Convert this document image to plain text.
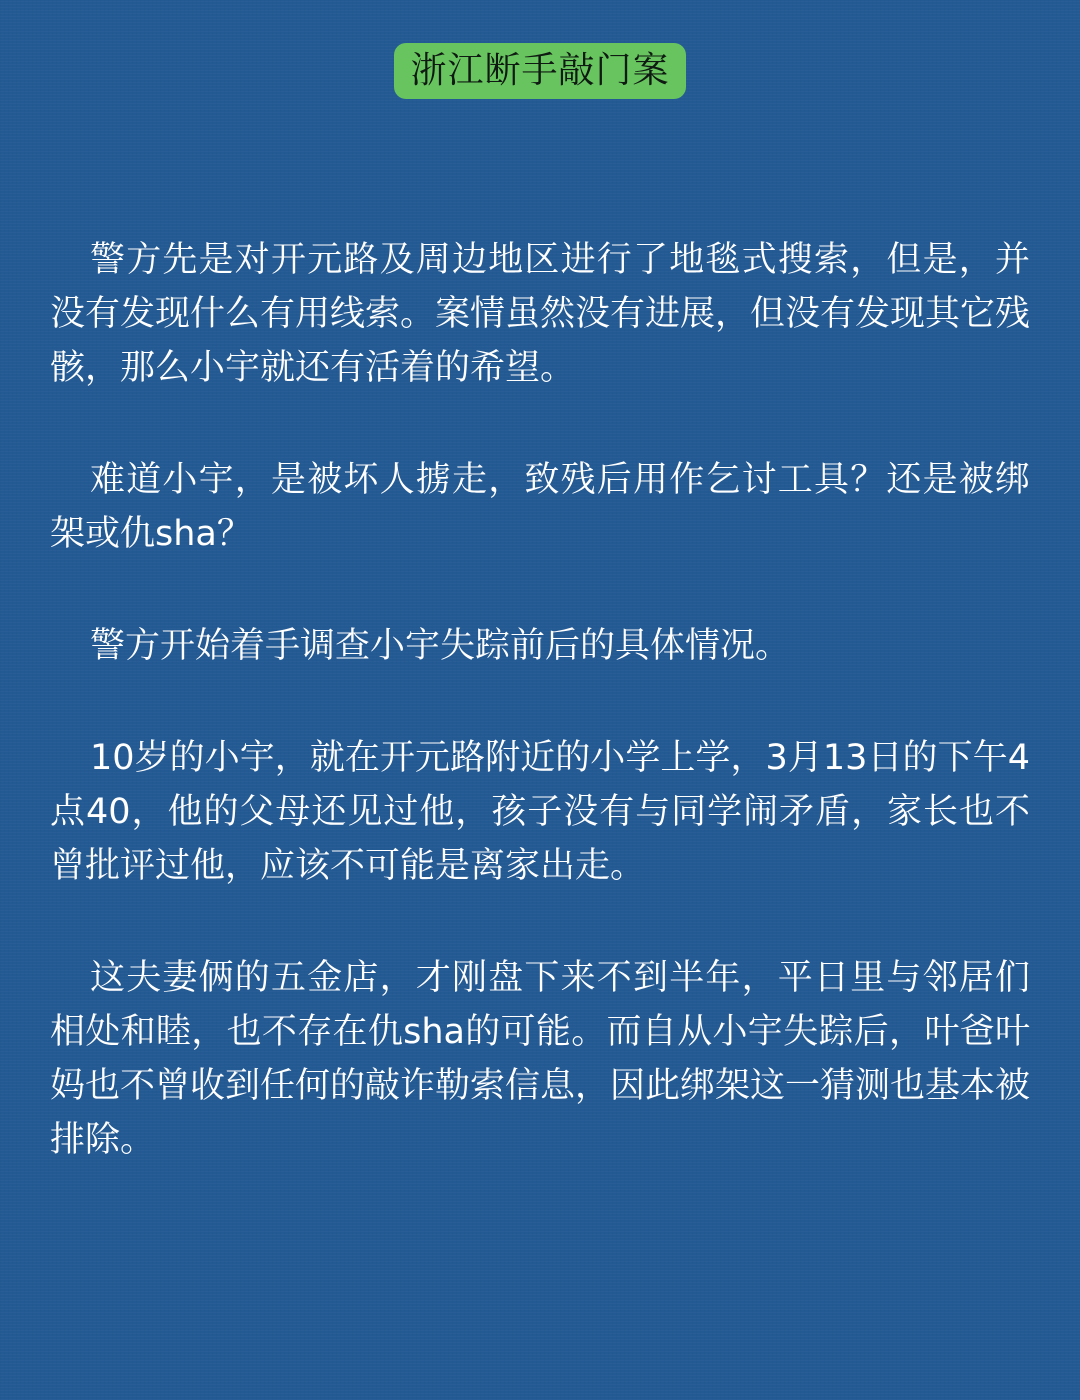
浙江断手敲门案

警方先是对开元路及周边地区进行了地毯式搜索，但是，并没有发现什么有用线索。案情虽然没有进展，但没有发现其它残骸，那么小宇就还有活着的希望。

难道小宇，是被坏人掳走，致残后用作乞讨工具？还是被绑架或仇sha？

警方开始着手调查小宇失踪前后的具体情况。

10岁的小宇，就在开元路附近的小学上学，3月13日的下午4点40，他的父母还见过他，孩子没有与同学闹矛盾，家长也不曾批评过他，应该不可能是离家出走。

这夫妻俩的五金店，才刚盘下来不到半年，平日里与邻居们相处和睦，也不存在仇sha的可能。而自从小宇失踪后，叶爸叶妈也不曾收到任何的敲诈勒索信息，因此绑架这一猜测也基本被排除。
